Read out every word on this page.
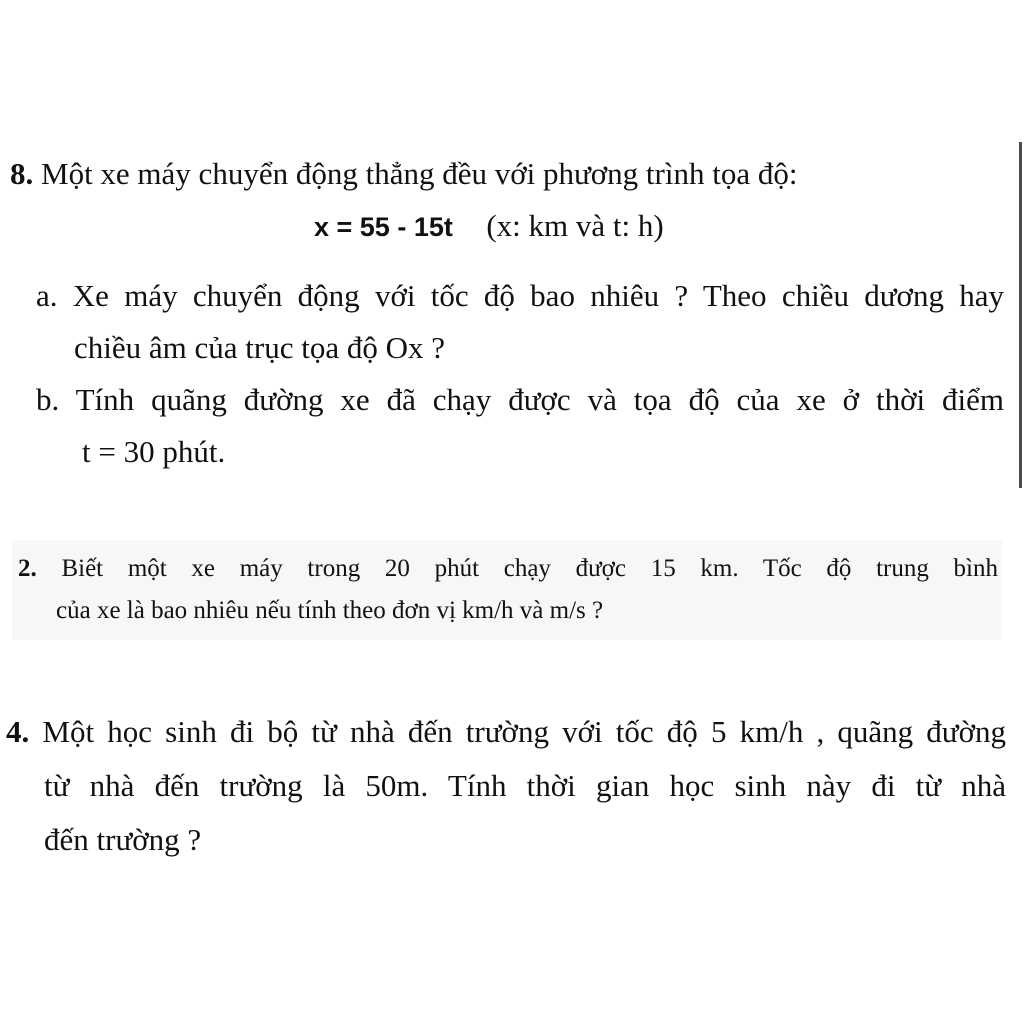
8. Một xe máy chuyển động thẳng đều với phương trình tọa độ:

x = 55 - 15t (x: km và t: h)

a. Xe máy chuyển động với tốc độ bao nhiêu ? Theo chiều dương hay

chiều âm của trục tọa độ Ox ?

b. Tính quãng đường xe đã chạy được và tọa độ của xe ở thời điểm

t = 30 phút.

2. Biết một xe máy trong 20 phút chạy được 15 km. Tốc độ trung bình

của xe là bao nhiêu nếu tính theo đơn vị km/h và m/s ?

4. Một học sinh đi bộ từ nhà đến trường với tốc độ 5 km/h , quãng đường

từ nhà đến trường là 50m. Tính thời gian học sinh này đi từ nhà

đến trường ?
